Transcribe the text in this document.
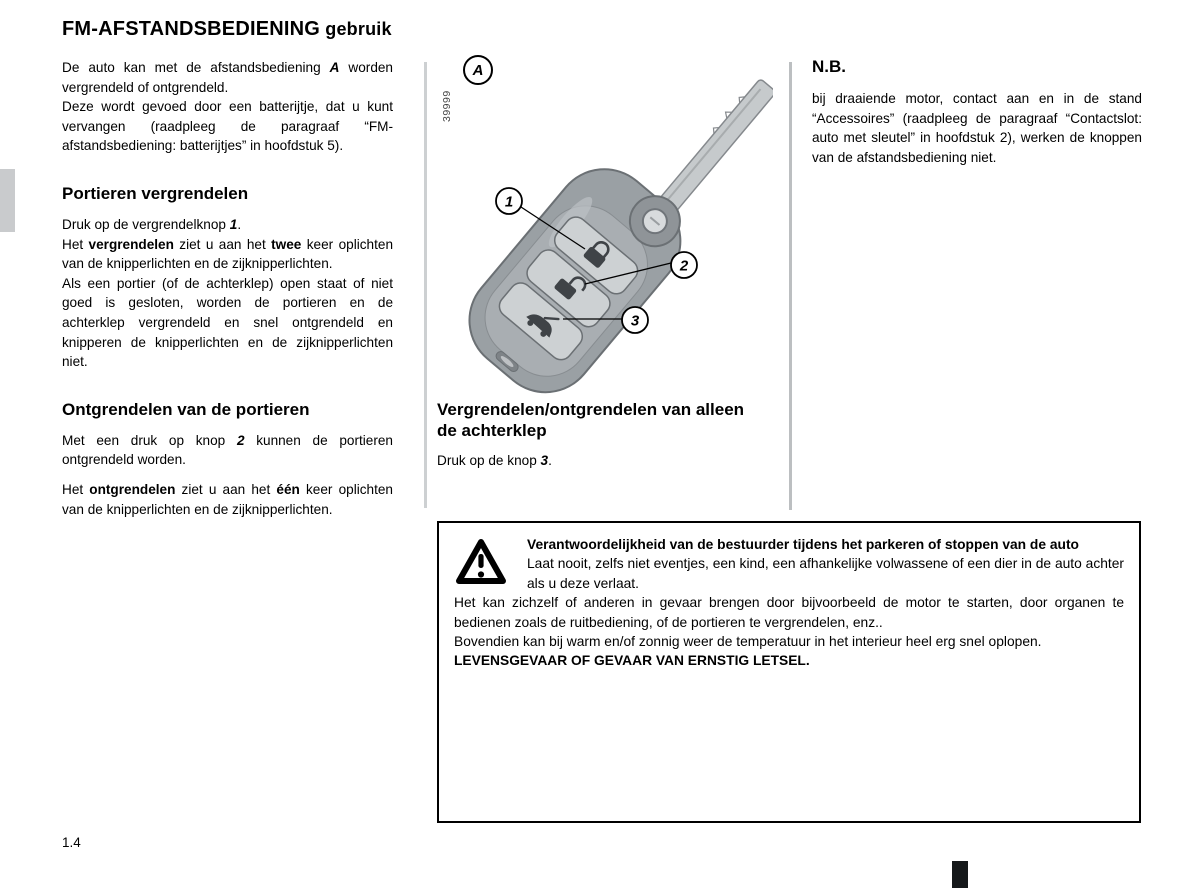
FM-AFSTANDSBEDIENING gebruik

De auto kan met de afstandsbediening A worden vergrendeld of ontgrendeld.

Deze wordt gevoed door een batterijtje, dat u kunt vervangen (raadpleeg de paragraaf “FM-afstandsbediening: batterijtjes” in hoofdstuk 5).

Portieren vergrendelen

Druk op de vergrendelknop 1.

Het vergrendelen ziet u aan het twee keer oplichten van de knipperlichten en de zijknipperlichten.

Als een portier (of de achterklep) open staat of niet goed is gesloten, worden de portieren en de achterklep vergrendeld en snel ontgrendeld en knipperen de knipperlichten en de zijknipperlichten niet.

Ontgrendelen van de portieren

Met een druk op knop 2 kunnen de portieren ontgrendeld worden.

Het ontgrendelen ziet u aan het één keer oplichten van de knipperlichten en de zijknipperlichten.

39999
A
1
2
3
Vergrendelen/ontgrendelen van alleen de achterklep

Druk op de knop 3.

N.B.

bij draaiende motor, contact aan en in de stand “Accessoires” (raadpleeg de paragraaf “Contactslot: auto met sleutel” in hoofdstuk 2), werken de knoppen van de afstandsbediening niet.

Verantwoordelijkheid van de bestuurder tijdens het parkeren of stoppen van de auto

Laat nooit, zelfs niet eventjes, een kind, een afhankelijke volwassene of een dier in de auto achter als u deze verlaat.

Het kan zichzelf of anderen in gevaar brengen door bijvoorbeeld de motor te starten, door organen te bedienen zoals de ruitbediening, of de portieren te vergrendelen, enz..

Bovendien kan bij warm en/of zonnig weer de temperatuur in het interieur heel erg snel oplopen.

LEVENSGEVAAR OF GEVAAR VAN ERNSTIG LETSEL.

1.4
